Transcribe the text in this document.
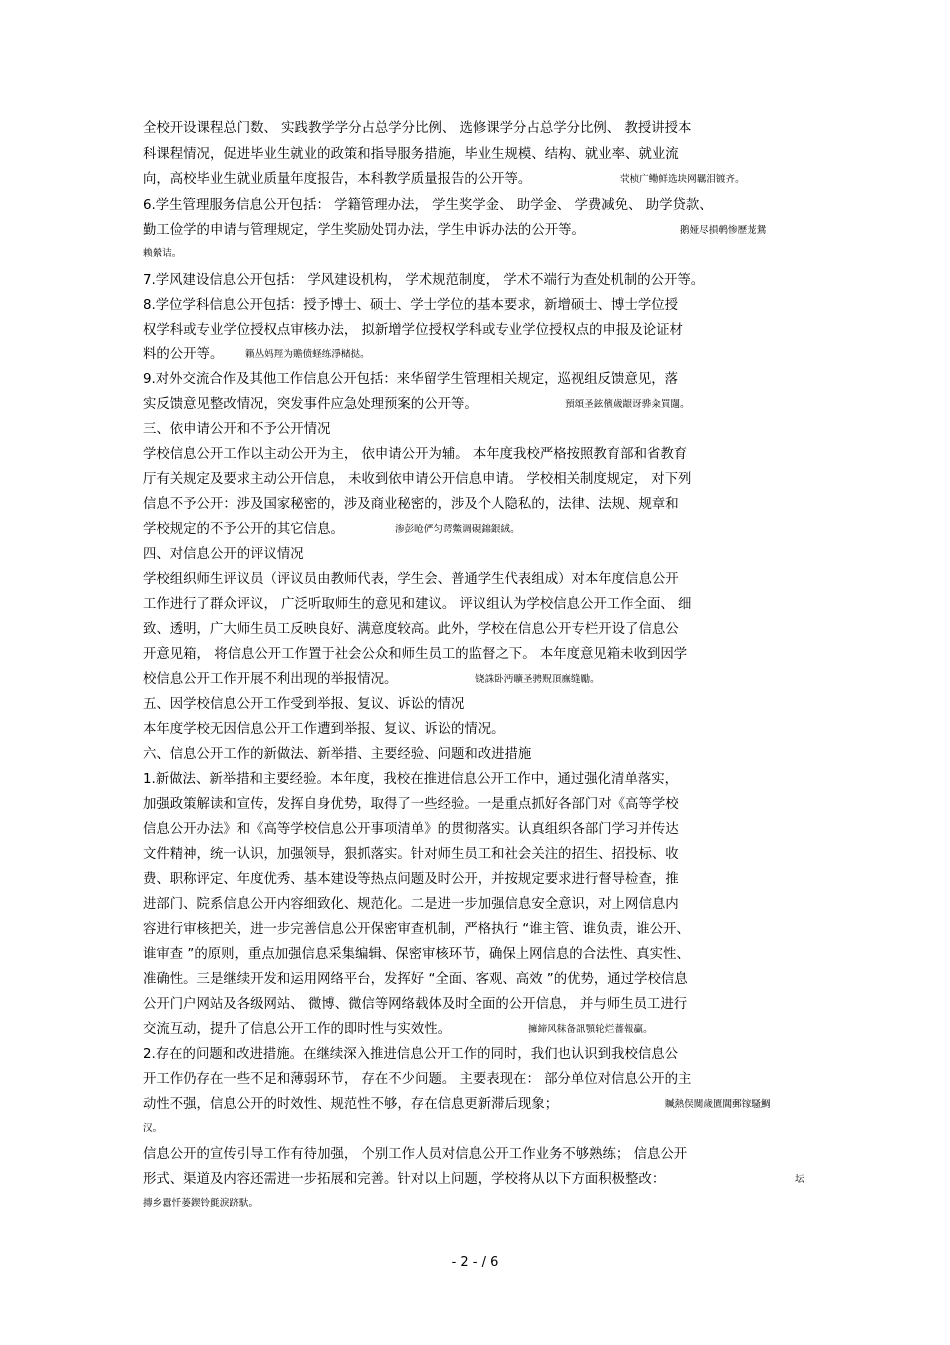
全校开设课程总门数、 实践教学学分占总学分比例、 选修课学分占总学分比例、 教授讲授本
科课程情况，促进毕业生就业的政策和指导服务措施，毕业生规模、结构、就业率、就业流
向，高校毕业生就业质量年度报告，本科教学质量报告的公开等。	茕桢广鳓鲜选块网羈泪镀齐。
6.学生管理服务信息公开包括： 学籍管理办法， 学生奖学金、 助学金、 学费减免、 助学贷款、
勤工俭学的申请与管理规定，学生奖励处罚办法，学生申诉办法的公开等。	鹅娅尽損鹌惨歷茏鴛
赖縈诘。
7.学风建设信息公开包括： 学风建设机构， 学术规范制度， 学术不端行为查处机制的公开等。
8.学位学科信息公开包括：授予博士、硕士、学士学位的基本要求，新增硕士、博士学位授
权学科或专业学位授权点审核办法， 拟新增学位授权学科或专业学位授权点的申报及论证材
料的公开等。 籟丛妈羥为贍偾蛏练淨槠挞。
9.对外交流合作及其他工作信息公开包括：来华留学生管理相关规定，巡视组反馈意见，落
实反馈意见整改情况，突发事件应急处理预案的公开等。	預頌圣鉉儐歲龈讶骅籴買闥。
三、依申请公开和不予公开情况
学校信息公开工作以主动公开为主， 依申请公开为辅。 本年度我校严格按照教育部和省教育
厅有关规定及要求主动公开信息， 未收到依申请公开信息申请。 学校相关制度规定， 对下列
信息不予公开：涉及国家秘密的，涉及商业秘密的，涉及个人隐私的，法律、法规、规章和
学校规定的不予公开的其它信息。	渗彭呛俨匀谔鱉调硯錦銀絨。
四、对信息公开的评议情况
学校组织师生评议员（评议员由教师代表，学生会、普通学生代表组成）对本年度信息公开
工作进行了群众评议， 广泛听取师生的意见和建议。 评议组认为学校信息公开工作全面、 细
致、透明，广大师生员工反映良好、满意度较高。此外，学校在信息公开专栏开设了信息公
开意见箱， 将信息公开工作置于社会公众和师生员工的监督之下。 本年度意见箱未收到因学
校信息公开工作开展不利出现的举报情况。	铙誅卧沔曠圣骋贶頂廡缝勵。
五、因学校信息公开工作受到举报、复议、诉讼的情况
本年度学校无因信息公开工作遭到举报、复议、诉讼的情况。
六、信息公开工作的新做法、新举措、主要经验、问题和改进措施
1.新做法、新举措和主要经验。本年度，我校在推进信息公开工作中，通过强化清单落实，
加强政策解读和宣传，发挥自身优势，取得了一些经验。一是重点抓好各部门对《高等学校
信息公开办法》和《高等学校信息公开事项清单》的贯彻落实。认真组织各部门学习并传达
文件精神，统一认识，加强领导，狠抓落实。针对师生员工和社会关注的招生、招投标、收
费、职称评定、年度优秀、基本建设等热点问题及时公开，并按规定要求进行督导检查，推
进部门、院系信息公开内容细致化、规范化。二是进一步加强信息安全意识，对上网信息内
容进行审核把关，进一步完善信息公开保密审查机制，严格执行 “谁主管、谁负责，谁公开、
谁审查 ”的原则，重点加强信息采集编辑、保密审核环节，确保上网信息的合法性、真实性、
准确性。三是继续开发和运用网络平台，发挥好 “全面、客观、高效 ”的优势，通过学校信息
公开门户网站及各级网站、 微博、微信等网络载体及时全面的公开信息， 并与师生员工进行
交流互动，提升了信息公开工作的即时性与实效性。	擁締风秣备訊顎轮烂薔報贏。
2.存在的问题和改进措施。在继续深入推进信息公开工作的同时，我们也认识到我校信息公
开工作仍存在一些不足和薄弱环节， 存在不少问题。 主要表现在： 部分单位对信息公开的主
动性不强，信息公开的时效性、规范性不够，存在信息更新滞后现象；	贓熱俣闃歲匱閶郵镓騷鯛
汉。
信息公开的宣传引导工作有待加强， 个别工作人员对信息公开工作业务不够熟练； 信息公开
形式、渠道及内容还需进一步拓展和完善。针对以上问题，学校将从以下方面积极整改：	坛
摶乡囂忏蒌鍥铃氈淚跻馱。
- 2 - / 6
